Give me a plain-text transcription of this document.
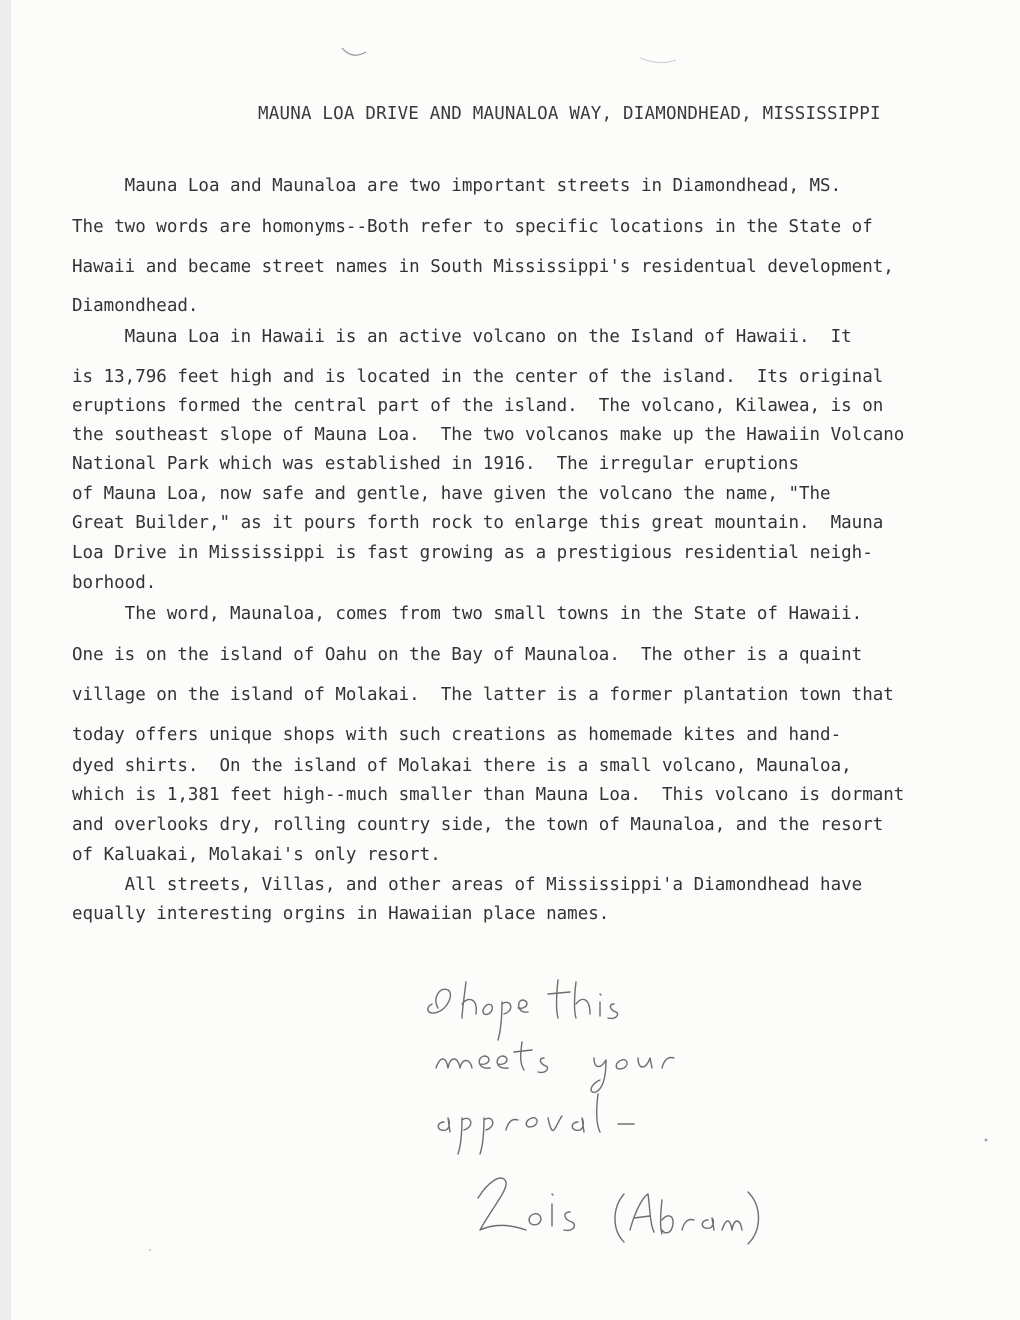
MAUNA LOA DRIVE AND MAUNALOA WAY, DIAMONDHEAD, MISSISSIPPI

Mauna Loa and Maunaloa are two important streets in Diamondhead, MS.

The two words are homonyms--Both refer to specific locations in the State of

Hawaii and became street names in South Mississippi's residentual development,

Diamondhead.

Mauna Loa in Hawaii is an active volcano on the Island of Hawaii.  It

is 13,796 feet high and is located in the center of the island.  Its original

eruptions formed the central part of the island.  The volcano, Kilawea, is on

the southeast slope of Mauna Loa.  The two volcanos make up the Hawaiin Volcano

National Park which was established in 1916.  The irregular eruptions

of Mauna Loa, now safe and gentle, have given the volcano the name, "The

Great Builder," as it pours forth rock to enlarge this great mountain.  Mauna

Loa Drive in Mississippi is fast growing as a prestigious residential neigh-

borhood.

The word, Maunaloa, comes from two small towns in the State of Hawaii.

One is on the island of Oahu on the Bay of Maunaloa.  The other is a quaint

village on the island of Molakai.  The latter is a former plantation town that

today offers unique shops with such creations as homemade kites and hand-

dyed shirts.  On the island of Molakai there is a small volcano, Maunaloa,

which is 1,381 feet high--much smaller than Mauna Loa.  This volcano is dormant

and overlooks dry, rolling country side, the town of Maunaloa, and the resort

of Kaluakai, Molakai's only resort.

All streets, Villas, and other areas of Mississippi'a Diamondhead have

equally interesting orgins in Hawaiian place names.
